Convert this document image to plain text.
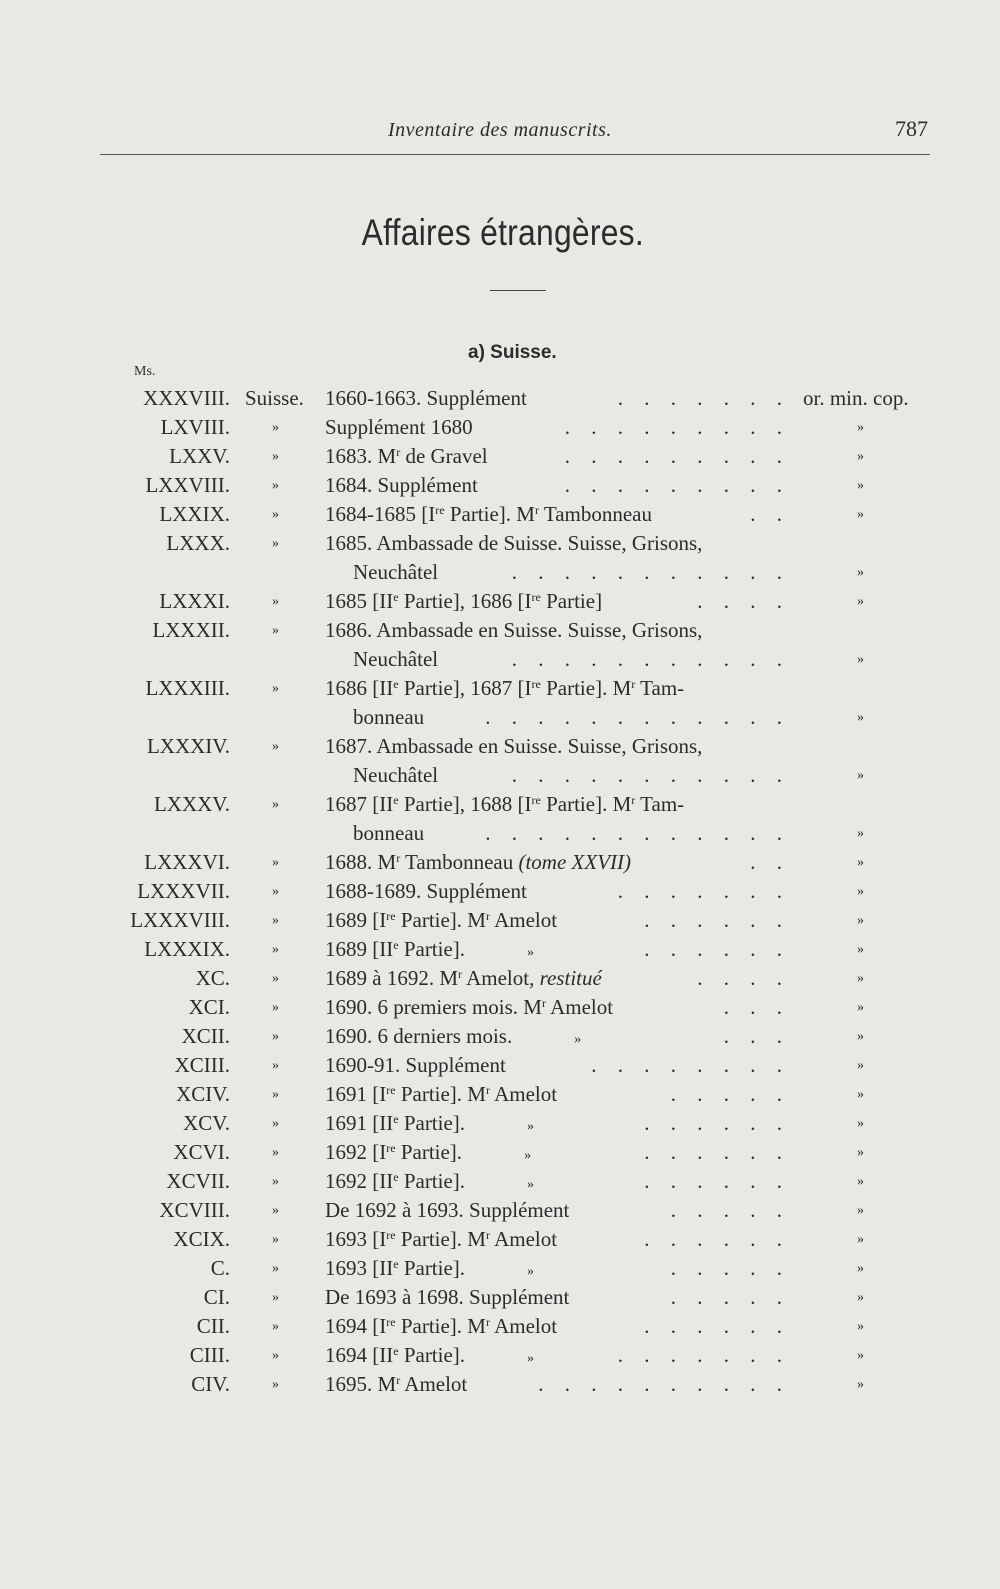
Inventaire des manuscrits.	787
Affaires étrangères.
a) Suisse.
Ms.
XXXVIII. Suisse. 1660-1663. Supplément	. . . . . . . or. min. cop.
LXVIII.	» Supplément 1680	. . . . . . . . .	»
LXXV.	» 1683. $M^r$ de Gravel	. . . . . . . . .	»
LXXVIII.	» 1684. Supplément	. . . . . . . . .	»
LXXIX.	» 1684-1685 [Ire Partie]. $M^r$ Tambonneau	. .	»
LXXX.	» 1685. Ambassade de Suisse. Suisse, Grisons,
Neuchâtel	. . . . . . . . . . .	»
LXXXI.	» 1685 [IIe Partie], 1686 [Ire Partie]	. . . .	»
LXXXII.	» 1686. Ambassade en Suisse. Suisse, Grisons,
Neuchâtel	. . . . . . . . . . .	»
LXXXIII.	» 1686 [IIe Partie], 1687 [Ire Partie]. $M^r$ Tam-
bonneau	. . . . . . . . . . . .	»
LXXXIV.	» 1687. Ambassade en Suisse. Suisse, Grisons,
Neuchâtel	. . . . . . . . . . .	»
LXXXV.	» 1687 [IIe Partie], 1688 [Ire Partie]. $M^r$ Tam-
bonneau	. . . . . . . . . . . .	»
LXXXVI.	» 1688. $M^r$ Tambonneau (tome XXVII)	. .	»
LXXXVII.	» 1688-1689. Supplément	. . . . . . .	»
LXXXVIII.	» 1689 [Ire Partie]. $M^r$ Amelot	. . . . . .	»
LXXXIX.	» 1689 [IIe Partie].	»	. . . . . .	»
XC.	» 1689 à 1692. $M^r$ Amelot, restitué	. . . .	»
XCI.	» 1690. 6 premiers mois. $M^r$ Amelot	. . .	»
XCII.	» 1690. 6 derniers mois.	»	. . .	»
XCIII.	» 1690-91. Supplément	. . . . . . . .	»
XCIV.	» 1691 [Ire Partie]. $M^r$ Amelot	. . . . .	»
XCV.	» 1691 [IIe Partie].	»	. . . . . .	»
XCVI.	» 1692 [Ire Partie].	»	. . . . . .	»
XCVII.	» 1692 [IIe Partie].	»	. . . . . .	»
XCVIII.	» De 1692 à 1693. Supplément	. . . . .	»
XCIX.	» 1693 [Ire Partie]. $M^r$ Amelot	. . . . . .	»
C.	» 1693 [IIe Partie].	»	. . . . .	»
CI.	» De 1693 à 1698. Supplément	. . . . .	»
CII.	» 1694 [Ire Partie]. $M^r$ Amelot	. . . . . .	»
CIII.	» 1694 [IIe Partie].	»	. . . . . . .	»
CIV.	» 1695. $M^r$ Amelot	. . . . . . . . . .	»
